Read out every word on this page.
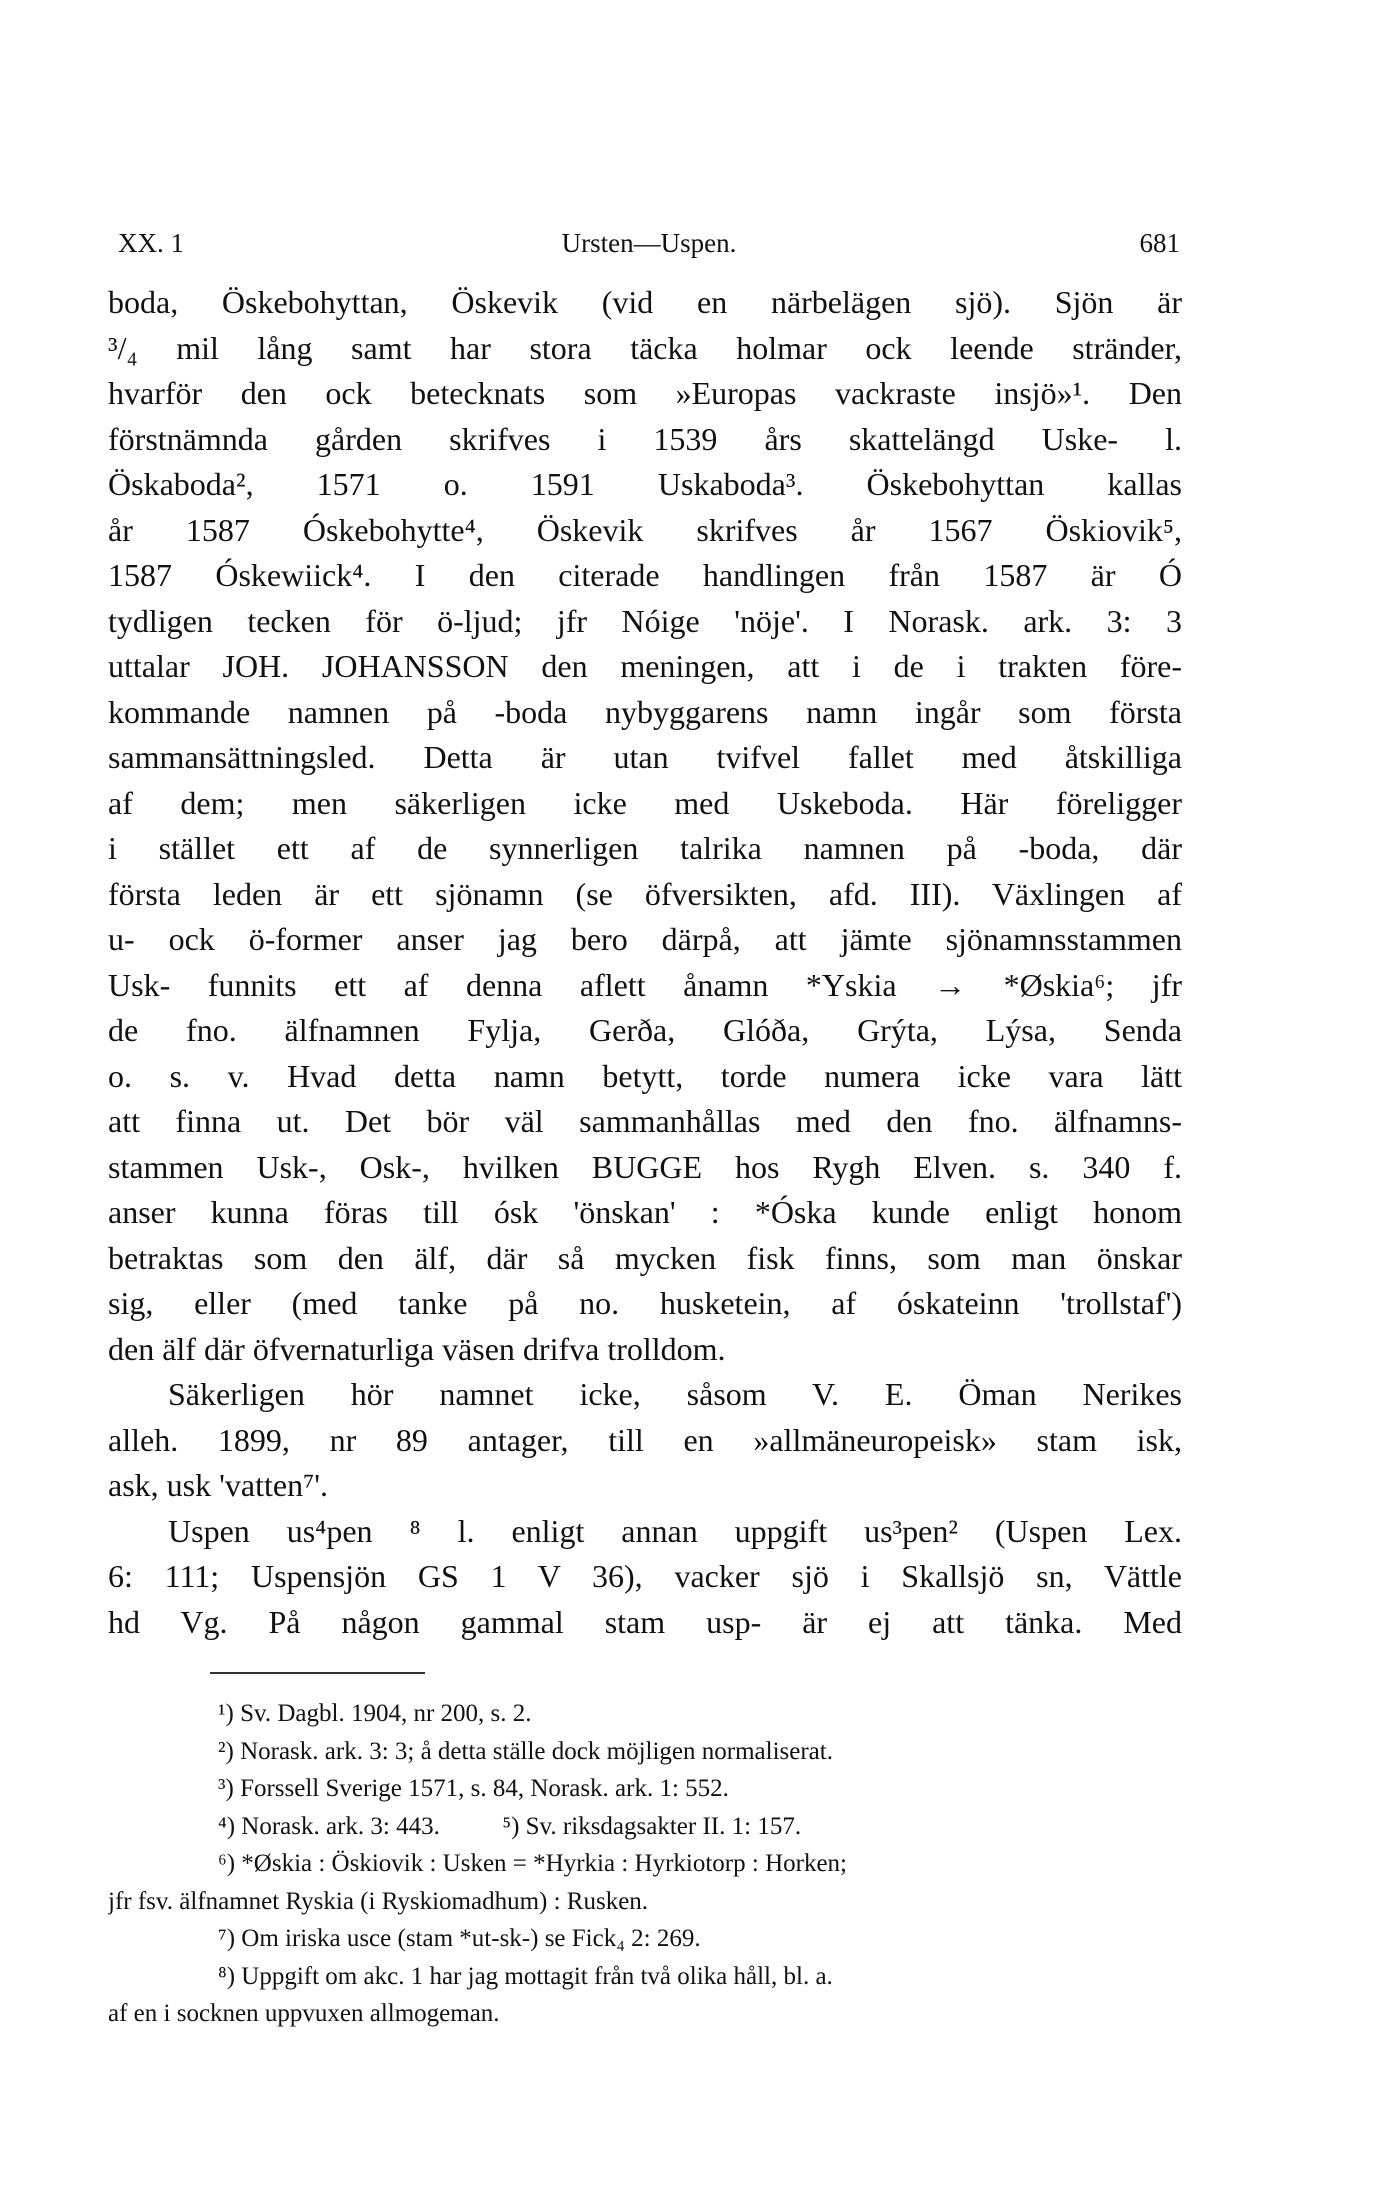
XX. 1	Ursten—Uspen.	681
boda, Öskebohyttan, Öskevik (vid en närbelägen sjö). Sjön är
³/₄ mil lång samt har stora täcka holmar ock leende stränder,
hvarför den ock betecknats som »Europas vackraste insjö»¹. Den
förstnämnda gården skrifves i 1539 års skattelängd Uske- l.
Öskaboda², 1571 o. 1591 Uskaboda³. Öskebohyttan kallas
år 1587 Óskebohytte⁴, Öskevik skrifves år 1567 Öskiovik⁵,
1587 Óskewiick⁴. I den citerade handlingen från 1587 är Ó
tydligen tecken för ö-ljud; jfr Nóige 'nöje'. I Norask. ark. 3: 3
uttalar JOH. JOHANSSON den meningen, att i de i trakten före-
kommande namnen på -boda nybyggarens namn ingår som första
sammansättningsled. Detta är utan tvifvel fallet med åtskilliga
af dem; men säkerligen icke med Uskeboda. Här föreligger
i stället ett af de synnerligen talrika namnen på -boda, där
första leden är ett sjönamn (se öfversikten, afd. III). Växlingen af
u- ock ö-former anser jag bero därpå, att jämte sjönamnsstammen
Usk- funnits ett af denna aflett ånamn *Yskia → *Øskia⁶; jfr
de fno. älfnamnen Fylja, Gerða, Glóða, Grýta, Lýsa, Senda
o. s. v. Hvad detta namn betytt, torde numera icke vara lätt
att finna ut. Det bör väl sammanhållas med den fno. älfnamns-
stammen Usk-, Osk-, hvilken BUGGE hos Rygh Elven. s. 340 f.
anser kunna föras till ósk 'önskan' : *Óska kunde enligt honom
betraktas som den älf, där så mycken fisk finns, som man önskar
sig, eller (med tanke på no. husketein, af óskateinn 'trollstaf')
den älf där öfvernaturliga väsen drifva trolldom.
Säkerligen hör namnet icke, såsom V. E. Öman Nerikes
alleh. 1899, nr 89 antager, till en »allmäneuropeisk» stam isk,
ask, usk 'vatten⁷'.
Uspen us⁴pen ⁸ l. enligt annan uppgift us³pen² (Uspen Lex.
6: 111; Uspensjön GS 1 V 36), vacker sjö i Skallsjö sn, Vättle
hd Vg. På någon gammal stam usp- är ej att tänka. Med
¹) Sv. Dagbl. 1904, nr 200, s. 2.
²) Norask. ark. 3: 3; å detta ställe dock möjligen normaliserat.
³) Forssell Sverige 1571, s. 84, Norask. ark. 1: 552.
⁴) Norask. ark. 3: 443.          ⁵) Sv. riksdagsakter II. 1: 157.
⁶) *Øskia : Öskiovik : Usken = *Hyrkia : Hyrkiotorp : Horken;
jfr fsv. älfnamnet Ryskia (i Ryskiomadhum) : Rusken.
⁷) Om iriska usce (stam *ut-sk-) se Fick₄ 2: 269.
⁸) Uppgift om akc. 1 har jag mottagit från två olika håll, bl. a.
af en i socknen uppvuxen allmogeman.
